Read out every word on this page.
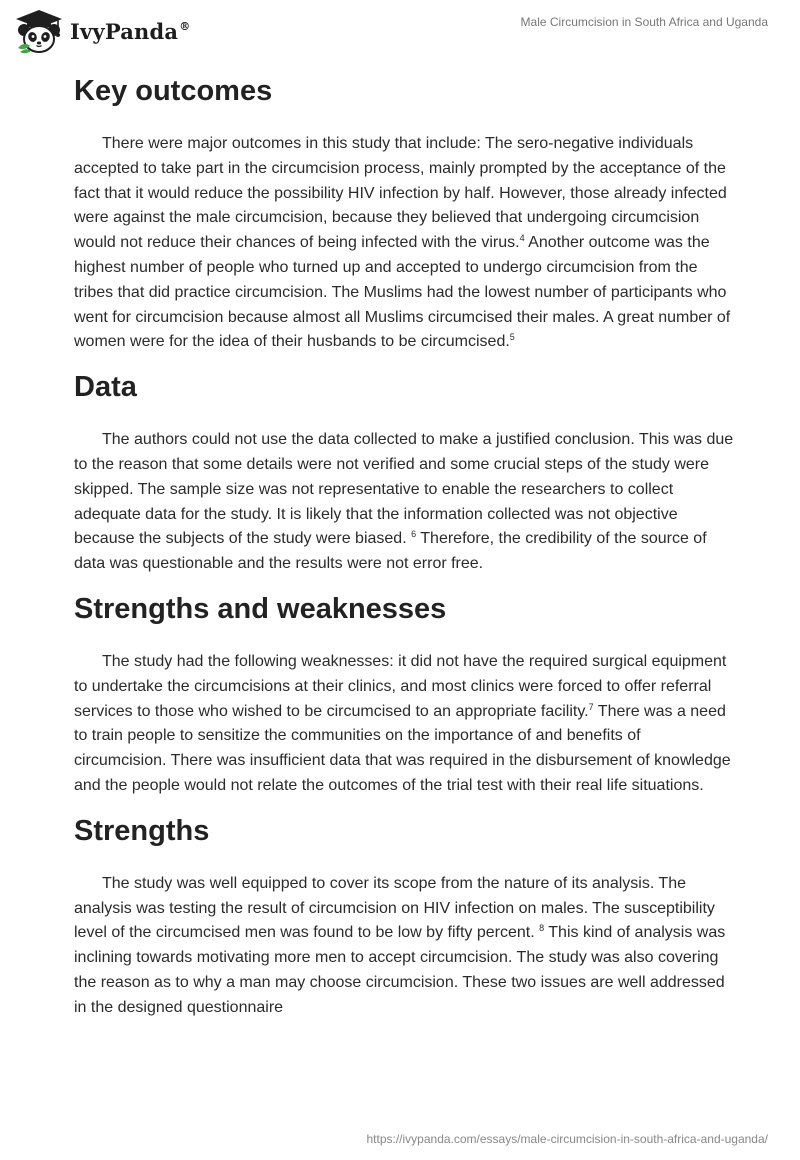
IvyPanda®	Male Circumcision in South Africa and Uganda
Key outcomes

There were major outcomes in this study that include: The sero-negative individuals accepted to take part in the circumcision process, mainly prompted by the acceptance of the fact that it would reduce the possibility HIV infection by half. However, those already infected were against the male circumcision, because they believed that undergoing circumcision would not reduce their chances of being infected with the virus.$^4$ Another outcome was the highest number of people who turned up and accepted to undergo circumcision from the tribes that did practice circumcision. The Muslims had the lowest number of participants who went for circumcision because almost all Muslims circumcised their males. A great number of women were for the idea of their husbands to be circumcised.$^5$

Data

The authors could not use the data collected to make a justified conclusion. This was due to the reason that some details were not verified and some crucial steps of the study were skipped. The sample size was not representative to enable the researchers to collect adequate data for the study. It is likely that the information collected was not objective because the subjects of the study were biased. $^6$ Therefore, the credibility of the source of data was questionable and the results were not error free.

Strengths and weaknesses

The study had the following weaknesses: it did not have the required surgical equipment to undertake the circumcisions at their clinics, and most clinics were forced to offer referral services to those who wished to be circumcised to an appropriate facility.$^7$ There was a need to train people to sensitize the communities on the importance of and benefits of circumcision. There was insufficient data that was required in the disbursement of knowledge and the people would not relate the outcomes of the trial test with their real life situations.

Strengths

The study was well equipped to cover its scope from the nature of its analysis. The analysis was testing the result of circumcision on HIV infection on males. The susceptibility level of the circumcised men was found to be low by fifty percent. $^8$ This kind of analysis was inclining towards motivating more men to accept circumcision. The study was also covering the reason as to why a man may choose circumcision. These two issues are well addressed in the designed questionnaire

https://ivypanda.com/essays/male-circumcision-in-south-africa-and-uganda/
